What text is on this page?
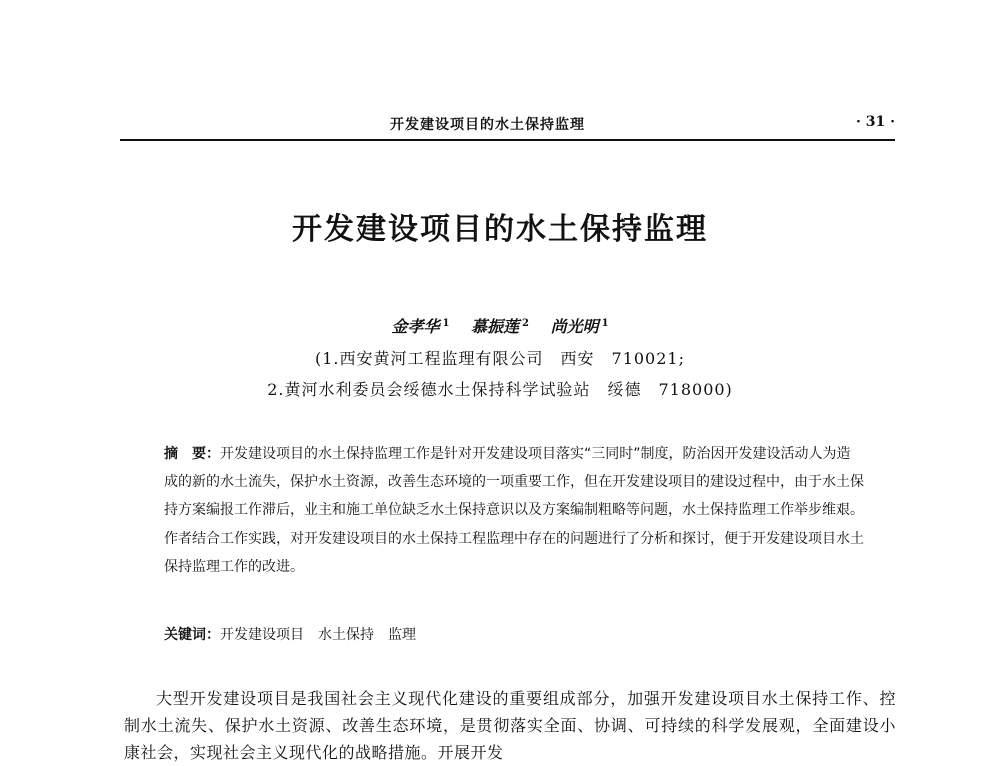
开发建设项目的水土保持监理	· 31 ·
开发建设项目的水土保持监理
金孝华 $^1$ 慕振莲 $^2$ 尚光明 $^1$
(1.西安黄河工程监理有限公司　西安　710021;
2.黄河水利委员会绥德水土保持科学试验站　绥德　718000)
摘　要：开发建设项目的水土保持监理工作是针对开发建设项目落实“三同时”制度，防治因开发建设活动人为造成的新的水土流失，保护水土资源，改善生态环境的一项重要工作，但在开发建设项目的建设过程中，由于水土保持方案编报工作滞后，业主和施工单位缺乏水土保持意识以及方案编制粗略等问题，水土保持监理工作举步维艰。作者结合工作实践，对开发建设项目的水土保持工程监理中存在的问题进行了分析和探讨，便于开发建设项目水土保持监理工作的改进。
关键词：开发建设项目 水土保持 监理
大型开发建设项目是我国社会主义现代化建设的重要组成部分，加强开发建设项目水土保持工作、控制水土流失、保护水土资源、改善生态环境，是贯彻落实全面、协调、可持续的科学发展观，全面建设小康社会，实现社会主义现代化的战略措施。开展开发
